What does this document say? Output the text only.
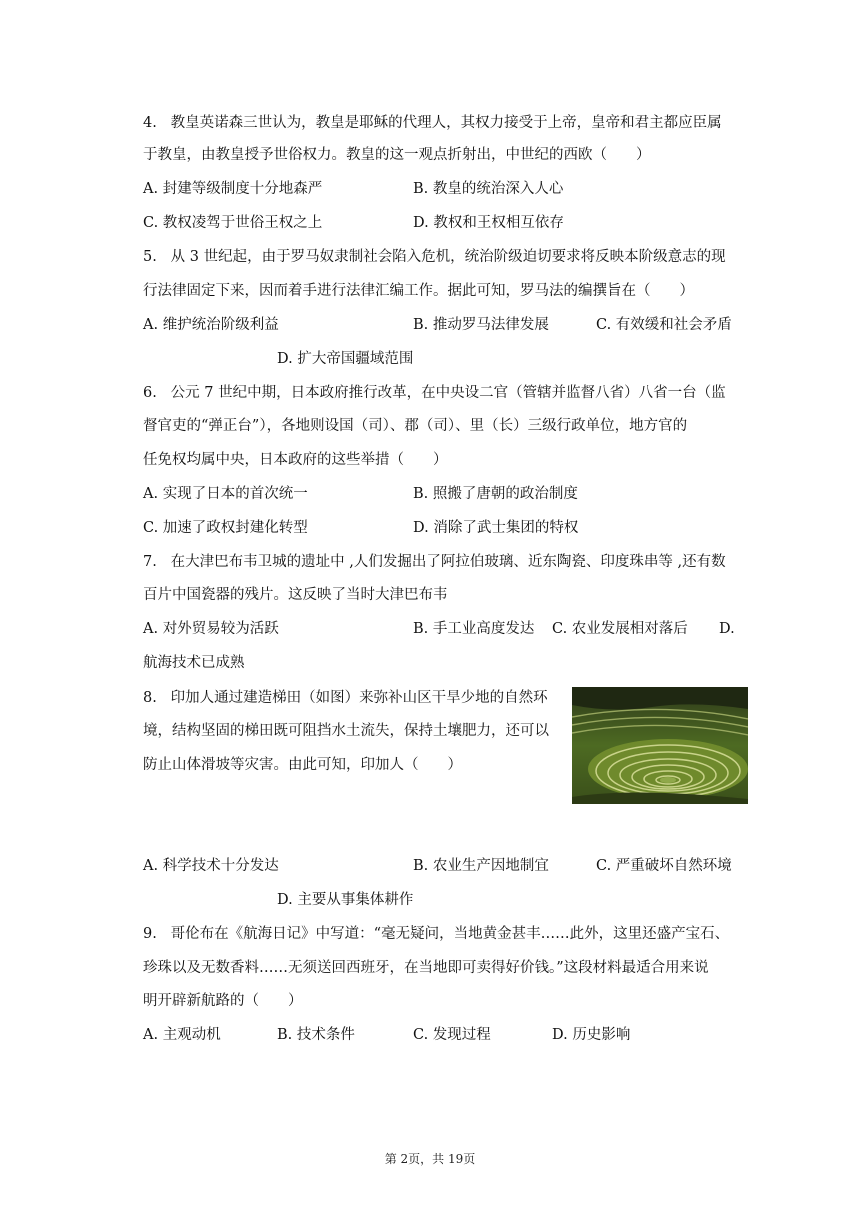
4.   教皇英诺森三世认为，教皇是耶稣的代理人，其权力接受于上帝，皇帝和君主都应臣属
于教皇，由教皇授予世俗权力。教皇的这一观点折射出，中世纪的西欧（　　）
A. 封建等级制度十分地森严	B. 教皇的统治深入人心
C. 教权凌驾于世俗王权之上	D. 教权和王权相互依存
5.   从 3 世纪起，由于罗马奴隶制社会陷入危机，统治阶级迫切要求将反映本阶级意志的现
行法律固定下来，因而着手进行法律汇编工作。据此可知，罗马法的编撰旨在（　　）
A. 维护统治阶级利益	B. 推动罗马法律发展	C. 有效缓和社会矛盾
D. 扩大帝国疆域范围
6.   公元 7 世纪中期，日本政府推行改革，在中央设二官（管辖并监督八省）八省一台（监
督官吏的“弹正台”），各地则设国（司）、郡（司）、里（长）三级行政单位，地方官的
任免权均属中央，日本政府的这些举措（　　）
A. 实现了日本的首次统一	B. 照搬了唐朝的政治制度
C. 加速了政权封建化转型	D. 消除了武士集团的特权
7.   在大津巴布韦卫城的遗址中 ,人们发掘出了阿拉伯玻璃、近东陶瓷、印度珠串等 ,还有数
百片中国瓷器的残片。这反映了当时大津巴布韦
A. 对外贸易较为活跃	B. 手工业高度发达 C. 农业发展相对落后 D.
航海技术已成熟
8.   印加人通过建造梯田（如图）来弥补山区干旱少地的自然环
境，结构坚固的梯田既可阻挡水土流失，保持土壤肥力，还可以
防止山体滑坡等灾害。由此可知，印加人（　　）
A. 科学技术十分发达	B. 农业生产因地制宜	C. 严重破坏自然环境
D. 主要从事集体耕作
9.   哥伦布在《航海日记》中写道：“毫无疑问，当地黄金甚丰……此外，这里还盛产宝石、
珍珠以及无数香料……无须送回西班牙，在当地即可卖得好价钱。”这段材料最适合用来说
明开辟新航路的（　　）
A. 主观动机	B. 技术条件	C. 发现过程	D. 历史影响
第 2页，共 19页
